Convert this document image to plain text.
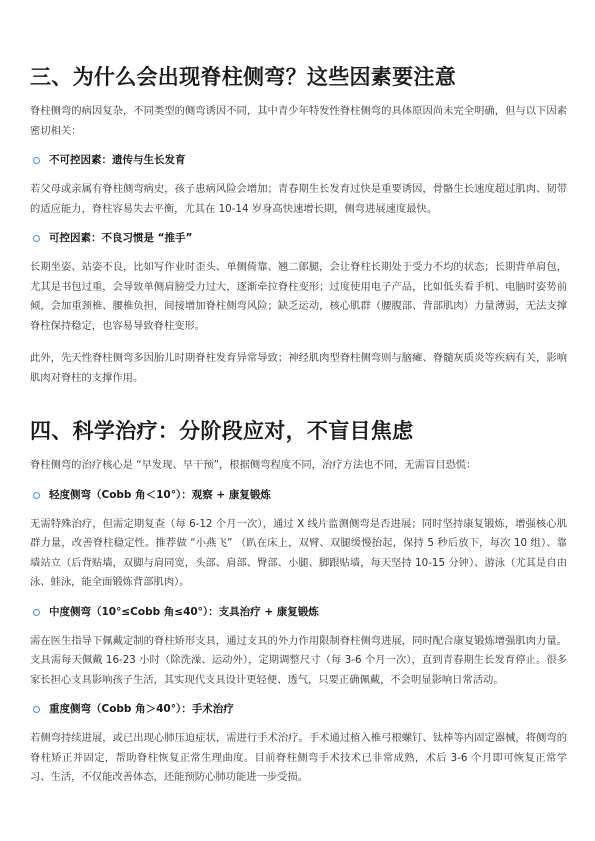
三、为什么会出现脊柱侧弯？这些因素要注意

脊柱侧弯的病因复杂，不同类型的侧弯诱因不同，其中青少年特发性脊柱侧弯的具体原因尚未完全明确，但与以下因素密切相关：

不可控因素：遗传与生长发育

若父母或亲属有脊柱侧弯病史，孩子患病风险会增加；青春期生长发育过快是重要诱因，骨骼生长速度超过肌肉、韧带的适应能力，脊柱容易失去平衡，尤其在 10-14 岁身高快速增长期，侧弯进展速度最快。

可控因素：不良习惯是 “推手”

长期坐姿、站姿不良，比如写作业时歪头、单侧倚靠、翘二郎腿，会让脊柱长期处于受力不均的状态；长期背单肩包，尤其是书包过重，会导致单侧肩膀受力过大，逐渐牵拉脊柱变形；过度使用电子产品，比如低头看手机、电脑时姿势前倾，会加重颈椎、腰椎负担，间接增加脊柱侧弯风险；缺乏运动，核心肌群（腰腹部、背部肌肉）力量薄弱，无法支撑脊柱保持稳定，也容易导致脊柱变形。

此外，先天性脊柱侧弯多因胎儿时期脊柱发育异常导致；神经肌肉型脊柱侧弯则与脑瘫、脊髓灰质炎等疾病有关，影响肌肉对脊柱的支撑作用。

四、科学治疗：分阶段应对，不盲目焦虑

脊柱侧弯的治疗核心是 “早发现、早干预”，根据侧弯程度不同，治疗方法也不同，无需盲目恐慌：

轻度侧弯（Cobb 角＜10°）：观察 + 康复锻炼

无需特殊治疗，但需定期复查（每 6-12 个月一次），通过 X 线片监测侧弯是否进展；同时坚持康复锻炼，增强核心肌群力量，改善脊柱稳定性。推荐做 “小燕飞” （趴在床上，双臂、双腿缓慢抬起，保持 5 秒后放下，每次 10 组）、靠墙站立（后背贴墙，双脚与肩同宽，头部、肩部、臀部、小腿、脚跟贴墙，每天坚持 10-15 分钟）、游泳（尤其是自由泳、蛙泳，能全面锻炼背部肌肉）。

中度侧弯（10°≤Cobb 角≤40°）：支具治疗 + 康复锻炼

需在医生指导下佩戴定制的脊柱矫形支具，通过支具的外力作用限制脊柱侧弯进展，同时配合康复锻炼增强肌肉力量。支具需每天佩戴 16-23 小时（除洗澡、运动外），定期调整尺寸（每 3-6 个月一次），直到青春期生长发育停止。很多家长担心支具影响孩子生活，其实现代支具设计更轻便、透气，只要正确佩戴，不会明显影响日常活动。

重度侧弯（Cobb 角＞40°）：手术治疗

若侧弯持续进展，或已出现心肺压迫症状，需进行手术治疗。手术通过植入椎弓根螺钉、钛棒等内固定器械，将侧弯的脊柱矫正并固定，帮助脊柱恢复正常生理曲度。目前脊柱侧弯手术技术已非常成熟，术后 3-6 个月即可恢复正常学习、生活，不仅能改善体态，还能预防心肺功能进一步受损。
